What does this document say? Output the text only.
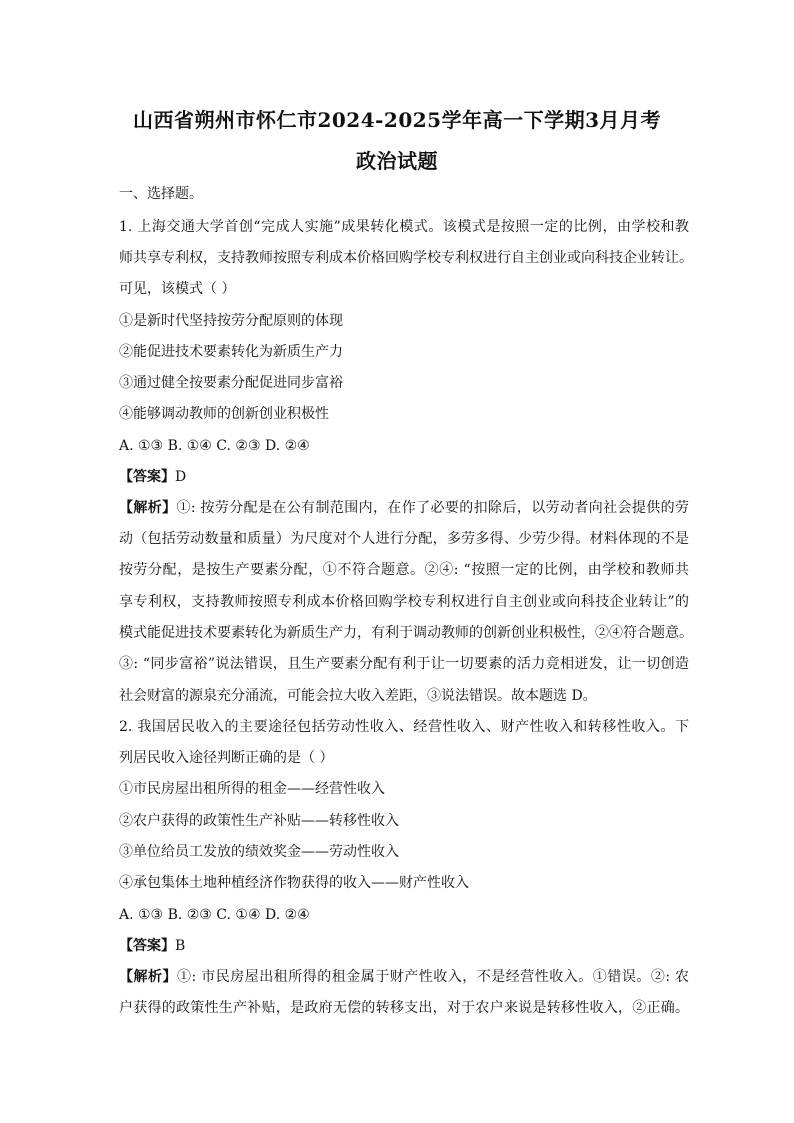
山西省朔州市怀仁市2024-2025学年高一下学期3月月考
政治试题
一、选择题。
1. 上海交通大学首创“完成人实施”成果转化模式。该模式是按照一定的比例，由学校和教
师共享专利权，支持教师按照专利成本价格回购学校专利权进行自主创业或向科技企业转让。
可见，该模式（ ）
①是新时代坚持按劳分配原则的体现
②能促进技术要素转化为新质生产力
③通过健全按要素分配促进同步富裕
④能够调动教师的创新创业积极性
A. ①③ B. ①④ C. ②③ D. ②④
【答案】D
【解析】①: 按劳分配是在公有制范围内，在作了必要的扣除后，以劳动者向社会提供的劳
动（包括劳动数量和质量）为尺度对个人进行分配，多劳多得、少劳少得。材料体现的不是
按劳分配，是按生产要素分配，①不符合题意。②④: “按照一定的比例，由学校和教师共
享专利权，支持教师按照专利成本价格回购学校专利权进行自主创业或向科技企业转让”的
模式能促进技术要素转化为新质生产力，有利于调动教师的创新创业积极性，②④符合题意。
③: “同步富裕”说法错误，且生产要素分配有利于让一切要素的活力竞相迸发，让一切创造
社会财富的源泉充分涌流，可能会拉大收入差距，③说法错误。故本题选 D。
2. 我国居民收入的主要途径包括劳动性收入、经营性收入、财产性收入和转移性收入。下
列居民收入途径判断正确的是（ ）
①市民房屋出租所得的租金——经营性收入
②农户获得的政策性生产补贴——转移性收入
③单位给员工发放的绩效奖金——劳动性收入
④承包集体土地种植经济作物获得的收入——财产性收入
A. ①③ B. ②③ C. ①④ D. ②④
【答案】B
【解析】①: 市民房屋出租所得的租金属于财产性收入，不是经营性收入。①错误。②: 农
户获得的政策性生产补贴，是政府无偿的转移支出，对于农户来说是转移性收入，②正确。
